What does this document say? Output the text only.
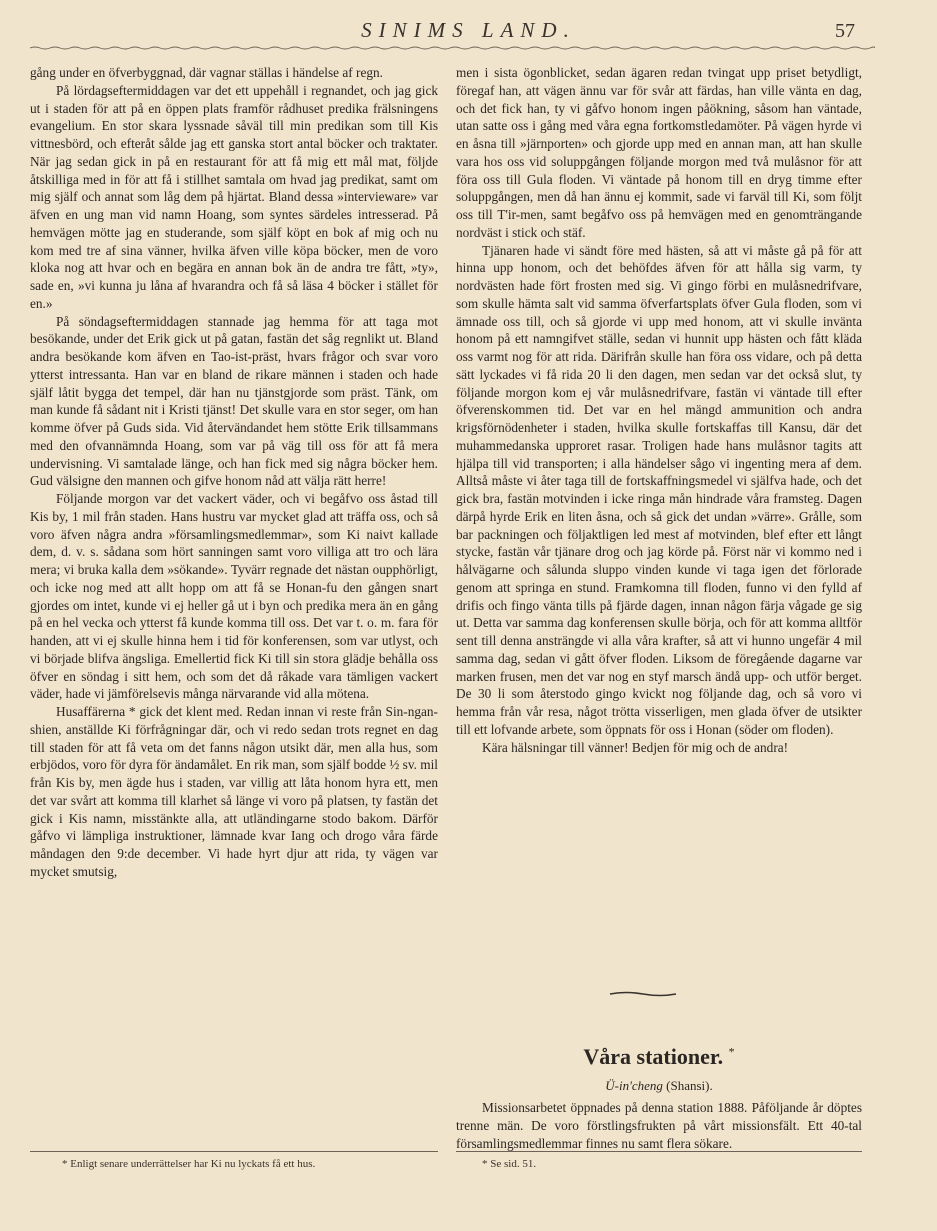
SINIMS LAND.	57

gång under en öfverbyggnad, där vagnar ställas i händelse af regn.

På lördagseftermiddagen var det ett uppehåll i regnandet, och jag gick ut i staden för att på en öppen plats framför rådhuset predika frälsningens evangelium. En stor skara lyssnade såväl till min predikan som till Kis vittnesbörd, och efteråt sålde jag ett ganska stort antal böcker och traktater. När jag sedan gick in på en restaurant för att få mig ett mål mat, följde åtskilliga med in för att få i stillhet samtala om hvad jag predikat, samt om mig själf och annat som låg dem på hjärtat. Bland dessa »intervieware» var äfven en ung man vid namn Hoang, som syntes särdeles intresserad. På hemvägen mötte jag en studerande, som själf köpt en bok af mig och nu kom med tre af sina vänner, hvilka äfven ville köpa böcker, men de voro kloka nog att hvar och en begära en annan bok än de andra tre fått, »ty», sade en, »vi kunna ju låna af hvarandra och få så läsa 4 böcker i stället för en.»

På söndagseftermiddagen stannade jag hemma för att taga mot besökande, under det Erik gick ut på gatan, fastän det såg regnlikt ut. Bland andra besökande kom äfven en Tao-ist-präst, hvars frågor och svar voro ytterst intressanta. Han var en bland de rikare männen i staden och hade själf låtit bygga det tempel, där han nu tjänstgjorde som präst. Tänk, om man kunde få sådant nit i Kristi tjänst! Det skulle vara en stor seger, om han komme öfver på Guds sida. Vid återvändandet hem stötte Erik tillsammans med den ofvannämnda Hoang, som var på väg till oss för att få mera undervisning. Vi samtalade länge, och han fick med sig några böcker hem. Gud välsigne den mannen och gifve honom nåd att välja rätt herre!

Följande morgon var det vackert väder, och vi begåfvo oss åstad till Kis by, 1 mil från staden. Hans hustru var mycket glad att träffa oss, och så voro äfven några andra »församlingsmedlemmar», som Ki naivt kallade dem, d. v. s. sådana som hört sanningen samt voro villiga att tro och lära mera; vi bruka kalla dem »sökande». Tyvärr regnade det nästan oupphörligt, och icke nog med att allt hopp om att få se Honan-fu den gången snart gjordes om intet, kunde vi ej heller gå ut i byn och predika mera än en gång på en hel vecka och ytterst få kunde komma till oss. Det var t. o. m. fara för handen, att vi ej skulle hinna hem i tid för konferensen, som var utlyst, och vi började blifva ängsliga. Emellertid fick Ki till sin stora glädje behålla oss öfver en söndag i sitt hem, och som det då råkade vara tämligen vackert väder, hade vi jämförelsevis många närvarande vid alla mötena.

Husaffärerna * gick det klent med. Redan innan vi reste från Sin-ngan-shien, anställde Ki förfrågningar där, och vi redo sedan trots regnet en dag till staden för att få veta om det fanns någon utsikt där, men alla hus, som erbjödos, voro för dyra för ändamålet. En rik man, som själf bodde ½ sv. mil från Kis by, men ägde hus i staden, var villig att låta honom hyra ett, men det var svårt att komma till klarhet så länge vi voro på platsen, ty fastän det gick i Kis namn, misstänkte alla, att utländingarne stodo bakom. Därför gåfvo vi lämpliga instruktioner, lämnade kvar Iang och drogo våra färde måndagen den 9:de december. Vi hade hyrt djur att rida, ty vägen var mycket smutsig,

men i sista ögonblicket, sedan ägaren redan tvingat upp priset betydligt, föregaf han, att vägen ännu var för svår att färdas, han ville vänta en dag, och det fick han, ty vi gåfvo honom ingen påökning, såsom han väntade, utan satte oss i gång med våra egna fortkomstledamöter. På vägen hyrde vi en åsna till »järnporten» och gjorde upp med en annan man, att han skulle vara hos oss vid soluppgången följande morgon med två mulåsnor för att föra oss till Gula floden. Vi väntade på honom till en dryg timme efter soluppgången, men då han ännu ej kommit, sade vi farväl till Ki, som följt oss till T'ir-men, samt begåfvo oss på hemvägen med en genomträngande nordväst i stick och stäf.

Tjänaren hade vi sändt före med hästen, så att vi måste gå på för att hinna upp honom, och det behöfdes äfven för att hålla sig varm, ty nordvästen hade fört frosten med sig. Vi gingo förbi en mulåsnedrifvare, som skulle hämta salt vid samma öfverfartsplats öfver Gula floden, som vi ämnade oss till, och så gjorde vi upp med honom, att vi skulle invänta honom på ett namngifvet ställe, sedan vi hunnit upp hästen och fått kläda oss varmt nog för att rida. Därifrån skulle han föra oss vidare, och på detta sätt lyckades vi få rida 20 li den dagen, men sedan var det också slut, ty följande morgon kom ej vår mulåsnedrifvare, fastän vi väntade till efter öfverenskommen tid. Det var en hel mängd ammunition och andra krigsförnödenheter i staden, hvilka skulle fortskaffas till Kansu, där det muhammedanska upproret rasar. Troligen hade hans mulåsnor tagits att hjälpa till vid transporten; i alla händelser sågo vi ingenting mera af dem. Alltså måste vi åter taga till de fortskaffningsmedel vi själfva hade, och det gick bra, fastän motvinden i icke ringa mån hindrade våra framsteg. Dagen därpå hyrde Erik en liten åsna, och så gick det undan »värre». Grålle, som bar packningen och följaktligen led mest af motvinden, blef efter ett långt stycke, fastän vår tjänare drog och jag körde på. Först när vi kommo ned i hålvägarne och sålunda sluppo vinden kunde vi taga igen det förlorade genom att springa en stund. Framkomna till floden, funno vi den fylld af drifis och fingo vänta tills på fjärde dagen, innan någon färja vågade ge sig ut. Detta var samma dag konferensen skulle börja, och för att komma alltför sent till denna ansträngde vi alla våra krafter, så att vi hunno ungefär 4 mil samma dag, sedan vi gått öfver floden. Liksom de föregående dagarne var marken frusen, men det var nog en styf marsch ändå upp- och utför berget. De 30 li som återstodo gingo kvickt nog följande dag, och så voro vi hemma från vår resa, något trötta visserligen, men glada öfver de utsikter till ett lofvande arbete, som öppnats för oss i Honan (söder om floden).

Kära hälsningar till vänner! Bedjen för mig och de andra!

Våra stationer. *
Ü-in'cheng (Shansi).

Missionsarbetet öppnades på denna station 1888. Påföljande år döptes trenne män. De voro förstlingsfrukten på vårt missionsfält. Ett 40-tal församlingsmedlemmar finnes nu samt flera sökare.

* Enligt senare underrättelser har Ki nu lyckats få ett hus.	* Se sid. 51.
